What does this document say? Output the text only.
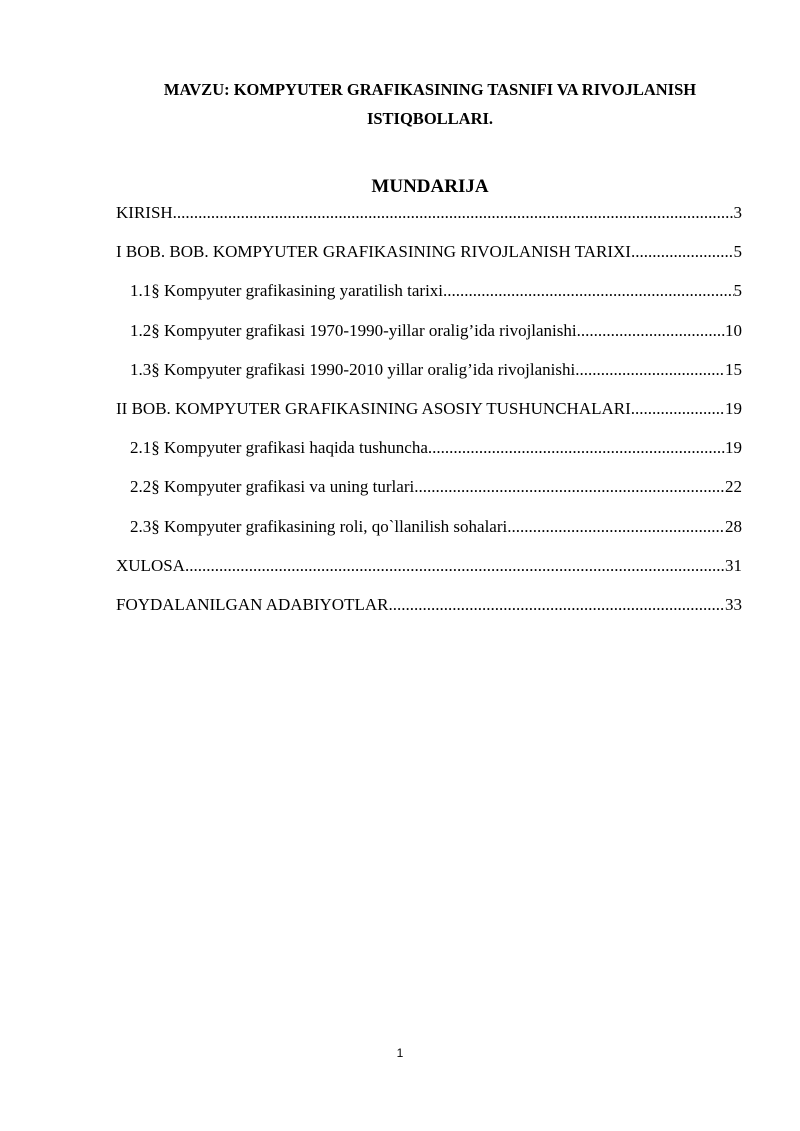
MAVZU: KOMPYUTER GRAFIKASINING TASNIFI VA RIVOJLANISH
ISTIQBOLLARI.
MUNDARIJA
KIRISH .....	3
I BOB. BOB. KOMPYUTER GRAFIKASINING RIVOJLANISH TARIXI .....	5
1.1§ Kompyuter grafikasining yaratilish tarixi .....	5
1.2§ Kompyuter grafikasi 1970-1990-yillar oralig’ida rivojlanishi .....	10
1.3§ Kompyuter grafikasi 1990-2010 yillar oralig’ida rivojlanishi .....	15
II BOB. KOMPYUTER GRAFIKASINING ASOSIY TUSHUNCHALARI .....	19
2.1§ Kompyuter grafikasi haqida tushuncha .....	19
2.2§ Kompyuter grafikasi va uning turlari .....	22
2.3§ Kompyuter grafikasining roli, qo`llanilish sohalari .....	28
XULOSA .....	31
FOYDALANILGAN ADABIYOTLAR .....	33
1
